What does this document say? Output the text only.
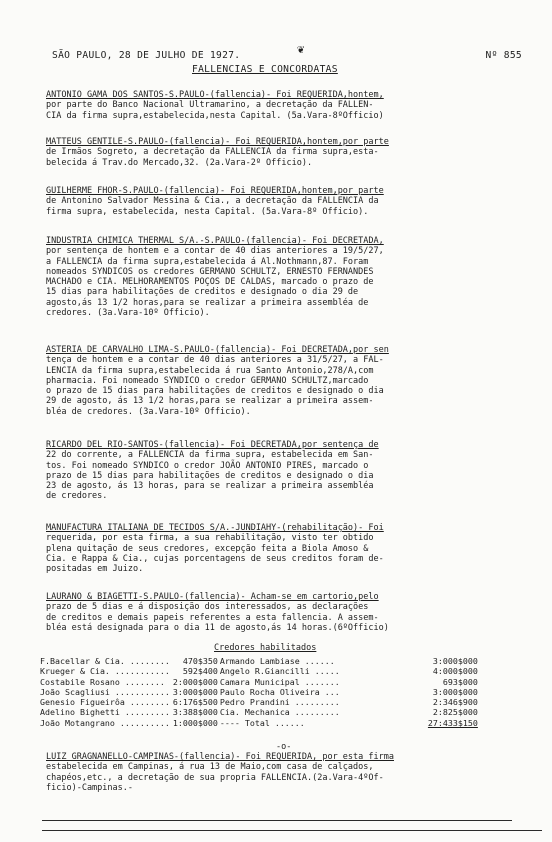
SÃO PAULO, 28 DE JULHO DE 1927.	❦	Nº 855
FALLENCIAS E CONCORDATAS
ANTONIO GAMA DOS SANTOS-S.PAULO-(fallencia)- Foi REQUERIDA,hontem,
por parte do Banco Nacional Ultramarino, a decretação da FALLEN-
CIA da firma supra,estabelecida,nesta Capital. (5a.Vara-8ºOfficio)
MATTEUS GENTILE-S.PAULO-(fallencia)- Foi REQUERIDA,hontem,por parte
de Irmãos Sogreto, a decretação da FALLENCIA da firma supra,esta-
belecida á Trav.do Mercado,32. (2a.Vara-2º Officio).
GUILHERME FHOR-S.PAULO-(fallencia)- Foi REQUERIDA,hontem,por parte
de Antonino Salvador Messina & Cia., a decretação da FALLENCIA da
firma supra, estabelecida, nesta Capital. (5a.Vara-8º Officio).
INDUSTRIA CHIMICA THERMAL S/A.-S.PAULO-(fallencia)- Foi DECRETADA,
por sentença de hontem e a contar de 40 dias anteriores a 19/5/27,
a FALLENCIA da firma supra,estabelecida á Al.Nothmann,87. Foram
nomeados SYNDICOS os credores GERMANO SCHULTZ, ERNESTO FERNANDES
MACHADO e CIA. MELHORAMENTOS POÇOS DE CALDAS, marcado o prazo de
15 dias para habilitações de creditos e designado o dia 29 de
agosto,ás 13 1/2 horas,para se realizar a primeira assembléa de
credores. (3a.Vara-10º Officio).
ASTERIA DE CARVALHO LIMA-S.PAULO-(fallencia)- Foi DECRETADA,por sen
tença de hontem e a contar de 40 dias anteriores a 31/5/27, a FAL-
LENCIA da firma supra,estabelecida á rua Santo Antonio,278/A,com
pharmacia. Foi nomeado SYNDICO o credor GERMANO SCHULTZ,marcado
o prazo de 15 dias para habilitações de creditos e designado o dia
29 de agosto, ás 13 1/2 horas,para se realizar a primeira assem-
bléa de credores. (3a.Vara-10º Officio).
RICARDO DEL RIO-SANTOS-(fallencia)- Foi DECRETADA,por sentença de
22 do corrente, a FALLENCIA da firma supra, estabelecida em San-
tos. Foi nomeado SYNDICO o credor JOÃO ANTONIO PIRES, marcado o
prazo de 15 dias para habilitações de creditos e designado o dia
23 de agosto, ás 13 horas, para se realizar a primeira assembléa
de credores.
MANUFACTURA ITALIANA DE TECIDOS S/A.-JUNDIAHY-(rehabilitação)- Foi
requerida, por esta firma, a sua rehabilitação, visto ter obtido
plena quitação de seus credores, excepção feita a Biola Amoso &
Cia. e Rappa & Cia., cujas porcentagens de seus creditos foram de-
positadas em Juizo.
LAURANO & BIAGETTI-S.PAULO-(fallencia)- Acham-se em cartorio,pelo
prazo de 5 dias e á disposição dos interessados, as declarações
de creditos e demais papeis referentes a esta fallencia. A assem-
bléa está designada para o dia 11 de agosto,ás 14 horas.(6ºOfficio)
Credores habilitados
F.Bacellar & Cia. ........	470$350	Armando Lambiase ......	3:000$000
Krueger & Cia. ...........	592$400	Angelo R.Giancilli .....	4:000$000
Costabile Rosano ........	2:000$000	Camara Municipal .......	693$000
João Scagliusi ...........	3:000$000	Paulo Rocha Oliveira ...	3:000$000
Genesio Figueirôa ........	6:176$500	Pedro Prandini .........	2:346$900
Adelino Bighetti .........	3:388$000	Cia. Mechanica .........	2:825$000
João Motangrano ..........	1:000$000	---- Total ......	27:433$150
-o-
LUIZ GRAGNANELLO-CAMPINAS-(fallencia)- Foi REQUERIDA, por esta firma
estabelecida em Campinas, á rua 13 de Maio,com casa de calçados,
chapéos,etc., a decretação de sua propria FALLENCIA.(2a.Vara-4ºOf-
ficio)-Campinas.-
